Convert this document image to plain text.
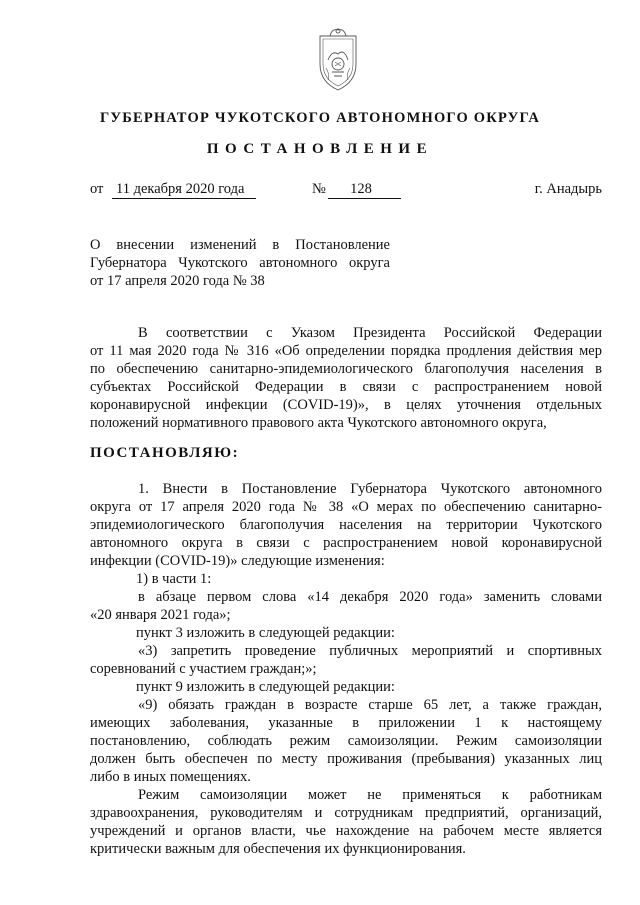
ГУБЕРНАТОР ЧУКОТСКОГО АВТОНОМНОГО ОКРУГА
ПОСТАНОВЛЕНИЕ
от 11 декабря 2020 года	№	128	г. Анадырь
О внесении изменений в Постановление
Губернатора Чукотского автономного округа
от 17 апреля 2020 года № 38
В соответствии с Указом Президента Российской Федерации
от 11 мая 2020 года № 316 «Об определении порядка продления действия мер
по обеспечению санитарно-эпидемиологического благополучия населения в
субъектах Российской Федерации в связи с распространением новой
коронавирусной инфекции (COVID-19)», в целях уточнения отдельных
положений нормативного правового акта Чукотского автономного округа,
ПОСТАНОВЛЯЮ:
1. Внести в Постановление Губернатора Чукотского автономного
округа от 17 апреля 2020 года № 38 «О мерах по обеспечению санитарно-
эпидемиологического благополучия населения на территории Чукотского
автономного округа в связи с распространением новой коронавирусной
инфекции (COVID-19)» следующие изменения:
1) в части 1:
в абзаце первом слова «14 декабря 2020 года» заменить словами
«20 января 2021 года»;
пункт 3 изложить в следующей редакции:
«3) запретить проведение публичных мероприятий и спортивных
соревнований с участием граждан;»;
пункт 9 изложить в следующей редакции:
«9) обязать граждан в возрасте старше 65 лет, а также граждан,
имеющих заболевания, указанные в приложении 1 к настоящему
постановлению, соблюдать режим самоизоляции. Режим самоизоляции
должен быть обеспечен по месту проживания (пребывания) указанных лиц
либо в иных помещениях.
Режим самоизоляции может не применяться к работникам
здравоохранения, руководителям и сотрудникам предприятий, организаций,
учреждений и органов власти, чье нахождение на рабочем месте является
критически важным для обеспечения их функционирования.
